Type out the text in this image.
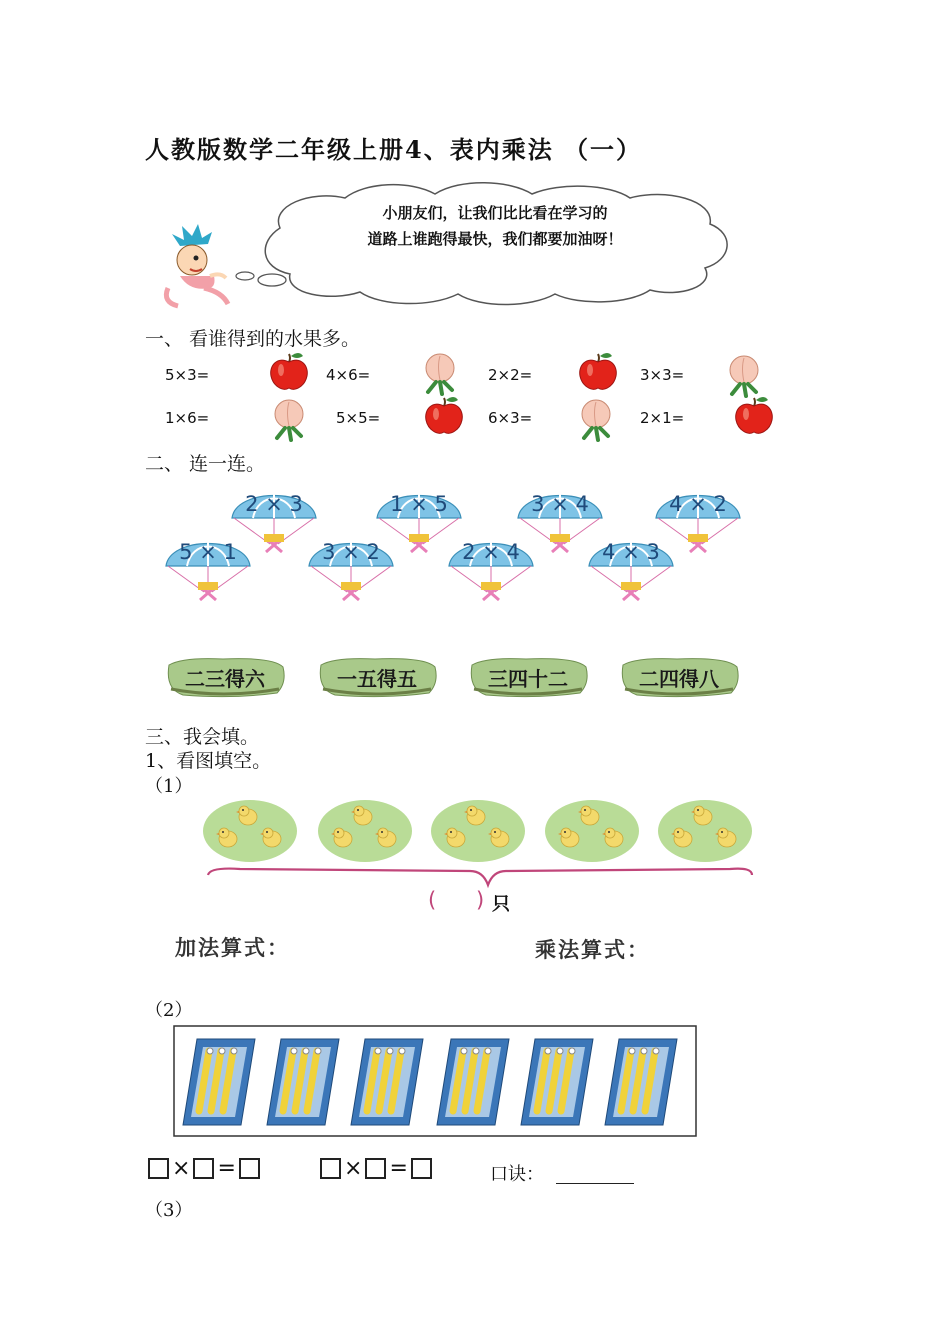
人教版数学二年级上册4、表内乘法 （一）
小朋友们，让我们比比看在学习的
道路上谁跑得最快，我们都要加油呀！
一、 看谁得到的水果多。
5×3=	4×6=	2×2=	3×3=
1×6=	5×5=	6×3=	2×1=
二、 连一连。
2 × 3	1 × 5	3 × 4	4 × 2
5 × 1	3 × 2	2 × 4	4 × 3
二三得六	一五得五	三四十二	二四得八
三、我会填。
1、看图填空。
（1）
( ) 只
加法算式：	乘法算式：
（2）
× =	× =	口诀：
（3）
